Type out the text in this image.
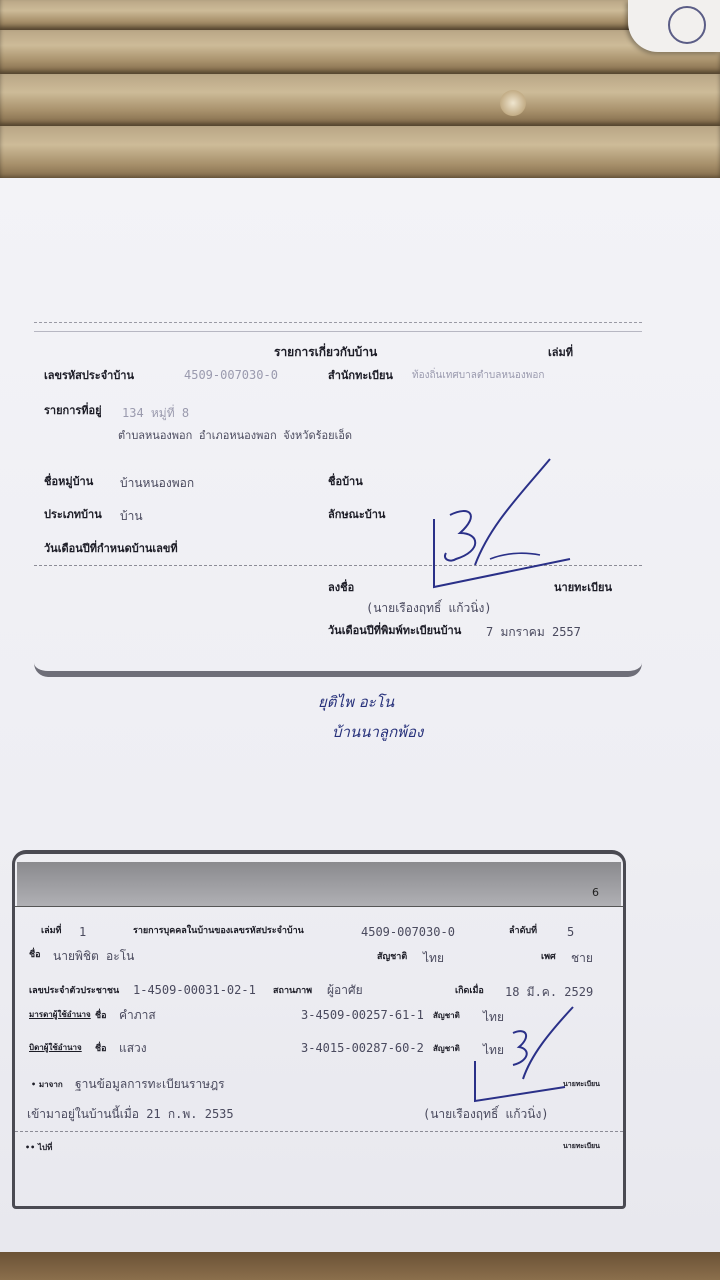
รายการเกี่ยวกับบ้าน	เล่มที่
เลขรหัสประจำบ้าน	4509-007030-0	สำนักทะเบียน ท้องถิ่นเทศบาลตำบลหนองพอก
รายการที่อยู่ 134 หมู่ที่ 8
ตำบลหนองพอก อำเภอหนองพอก จังหวัดร้อยเอ็ด
ชื่อหมู่บ้าน บ้านหนองพอก	ชื่อบ้าน
ประเภทบ้าน บ้าน	ลักษณะบ้าน
วันเดือนปีที่กำหนดบ้านเลขที่
ลงชื่อ	นายทะเบียน
(นายเรืองฤทธิ์ แก้วนิ่ง)
วันเดือนปีที่พิมพ์ทะเบียนบ้าน 7 มกราคม 2557
ยุติไพ อะโน
บ้านนาลูกพ้อง
6
เล่มที่ 1	รายการบุคคลในบ้านของเลขรหัสประจำบ้าน	4509-007030-0	ลำดับที่ 5
ชื่อ นายพิชิต อะโน	สัญชาติ ไทย	เพศ ชาย
เลขประจำตัวประชาชน 1-4509-00031-02-1 สถานภาพ ผู้อาศัย	เกิดเมื่อ 18 มี.ค. 2529
มารดาผู้ใช้อำนาจ ชื่อ คำภาส	3-4509-00257-61-1 สัญชาติ ไทย
บิดาผู้ใช้อำนาจ ชื่อ แสวง	3-4015-00287-60-2 สัญชาติ ไทย
• มาจาก ฐานข้อมูลการทะเบียนราษฎร	นายทะเบียน
เข้ามาอยู่ในบ้านนี้เมื่อ 21 ก.พ. 2535	(นายเรืองฤทธิ์ แก้วนิ่ง)
•• ไปที่	นายทะเบียน
